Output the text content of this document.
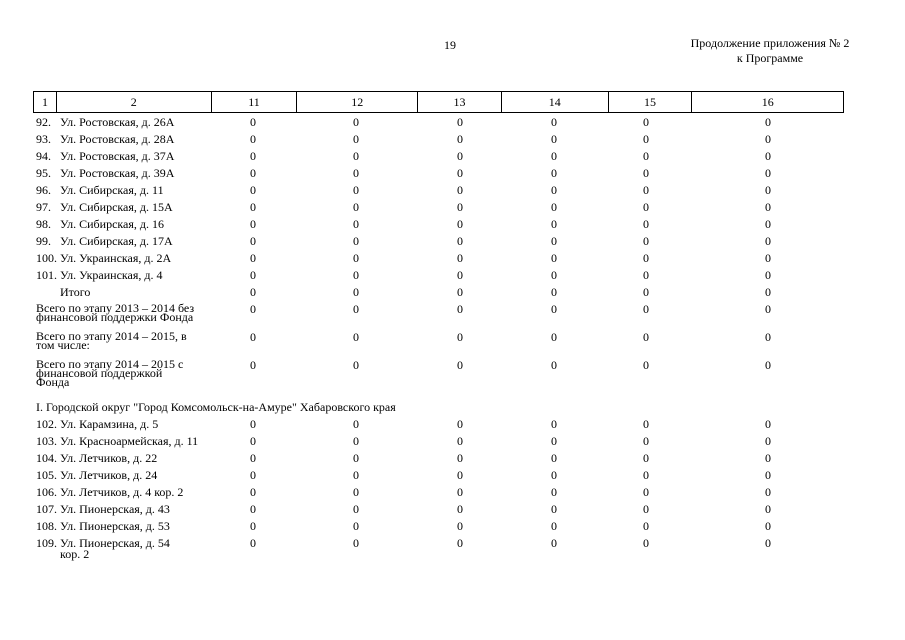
19	Продолжение приложения № 2
к Программе
1	2	11	12	13	14	15	16
92. Ул. Ростовская, д. 26А	0	0	0	0	0	0
93. Ул. Ростовская, д. 28А	0	0	0	0	0	0
94. Ул. Ростовская, д. 37А	0	0	0	0	0	0
95. Ул. Ростовская, д. 39А	0	0	0	0	0	0
96. Ул. Сибирская, д. 11	0	0	0	0	0	0
97. Ул. Сибирская, д. 15А	0	0	0	0	0	0
98. Ул. Сибирская, д. 16	0	0	0	0	0	0
99. Ул. Сибирская, д. 17А	0	0	0	0	0	0
100. Ул. Украинская, д. 2А	0	0	0	0	0	0
101. Ул. Украинская, д. 4	0	0	0	0	0	0
Итого	0	0	0	0	0	0
Всего по этапу 2013 – 2014 без
финансовой поддержки Фонда
0	0	0	0	0	0
Всего по этапу 2014 – 2015, в
том числе:
0	0	0	0	0	0
Всего по этапу 2014 – 2015 с
финансовой поддержкой
Фонда
0	0	0	0	0	0
I. Городской округ "Город Комсомольск-на-Амуре" Хабаровского края
102. Ул. Карамзина, д. 5	0	0	0	0	0	0
103. Ул. Красноармейская, д. 11	0	0	0	0	0	0
104. Ул. Летчиков, д. 22	0	0	0	0	0	0
105. Ул. Летчиков, д. 24	0	0	0	0	0	0
106. Ул. Летчиков, д. 4 кор. 2	0	0	0	0	0	0
107. Ул. Пионерская, д. 43	0	0	0	0	0	0
108. Ул. Пионерская, д. 53	0	0	0	0	0	0
109. Ул. Пионерская, д. 54
кор. 2
0	0	0	0	0	0
